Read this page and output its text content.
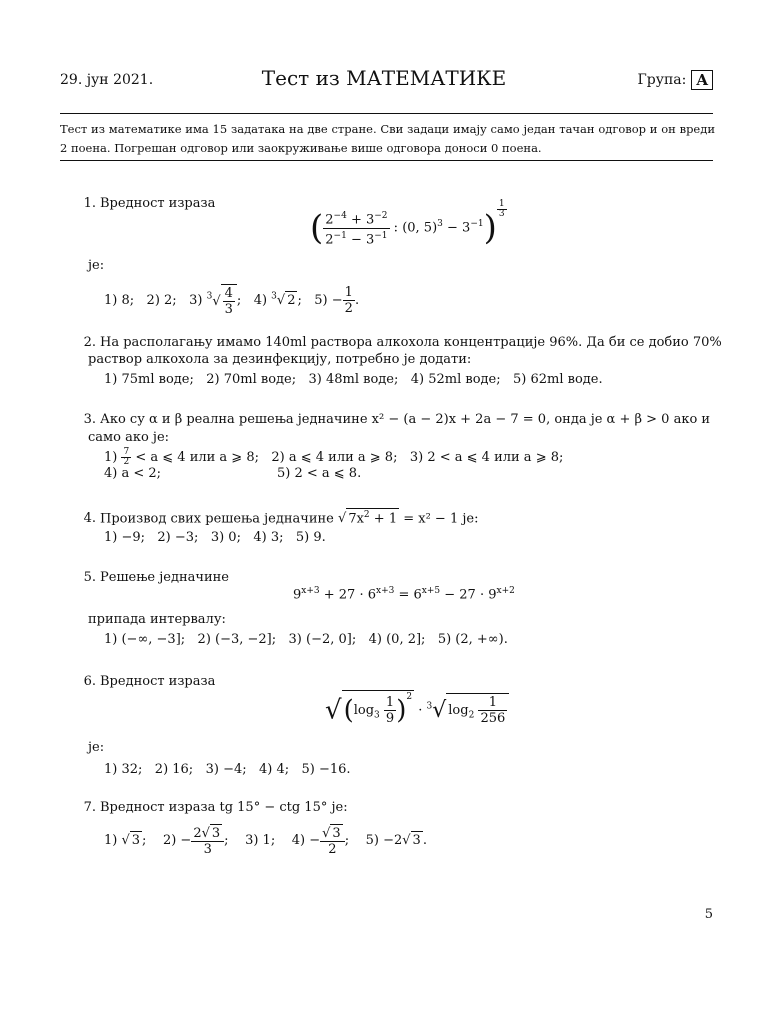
29. јун 2021.	Тест из МАТЕМАТИКЕ	Група: A
Тест из математике има 15 задатака на две стране. Сви задаци имају само један тачан одговор и он вреди 2 поена. Погрешан одговор или заокруживање више одговора доноси 0 поена.
1. Вредност израза
( $\frac{2^{-4} + 3^{-2}}{2^{-1} - 3^{-1}}$ : (0, $5)^3 - 3^{-1}$) $^{\frac{1}{3}}$
је:
1) 8; 2) 2; 3) $^3√ \frac{4}{3}$ ; 4) $^3$√ 2 ; $5) - \frac{1}{2}$ .
2. На располагању имамо 140ml раствора алкохола концентрације 96%. Да би се добио 70%
раствор алкохола за дезинфекцију, потребно је додати:
1) 75ml воде;   2) 70ml воде;   3) 48ml воде;   4) 52ml воде;   5) 62ml воде.
3. Ако су α и β реална решења једначине x² − (a − 2)x + 2a − 7 = 0, онда је α + β > 0 ако и
само ако је:
$1) \frac{7}{2} < a$ ⩽ 4 или a ⩾ 8; 2) a ⩽ 4 или a ⩾ 8; 3) 2 < a ⩽ 4 или a ⩾ 8;
4) a < 2;	5) 2 < a ⩽ 8.
4. Производ свих решења једначине √ $7x^2 + 1 = x^2 - 1$ је:
1) −9;   2) −3;   3) 0;   4) 3;   5) 9.
5. Решење једначине
$9^{x+3} + 27 \cdot 6^{x+3} = 6^{x+5} - 27 \cdot 9^{x+2}$
припада интервалу:
1) (−∞, −3];   2) (−3, −2];   3) (−2, 0];   4) (0, 2];   5) (2, +∞).
6. Вредност израза
$√(\log_3 \frac{1}{9} )^2 \cdot ^3√$ $\log_2 \frac{1}{256}$
је:
1) 32;   2) 16;   3) −4;   4) 4;   5) −16.
7. Вредност израза tg 15° − ctg 15° је:
1) √ 3 ;    $2) - \frac{2√ 3}{3}$ ;    3) 1;    $4) - \frac{√ 3}{2}$ ;    5) −2√ 3 .
5
